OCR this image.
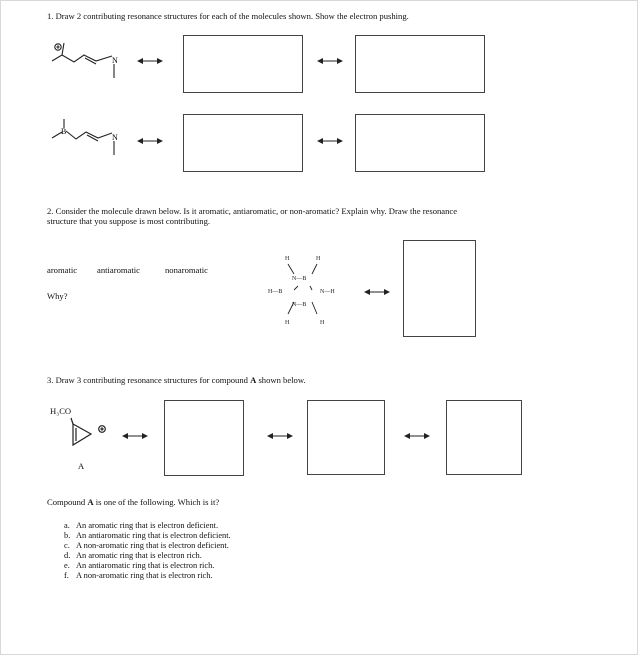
1. Draw 2 contributing resonance structures for each of the molecules shown. Show the electron pushing.
N
B
N
2. Consider the molecule drawn below. Is it aromatic, antiaromatic, or non-aromatic? Explain why. Draw the resonance
structure that you suppose is most contributing.
aromatic antiaromatic	nonaromatic
Why?
H	H
N—B
H—B	N—H
N—B
H	H
3. Draw 3 contributing resonance structures for compound A shown below.
H₃CO
A
Compound A is one of the following. Which is it?
a. An aromatic ring that is electron deficient.
b. An antiaromatic ring that is electron deficient.
c. A non-aromatic ring that is electron deficient.
d. An aromatic ring that is electron rich.
e. An antiaromatic ring that is electron rich.
f. A non-aromatic ring that is electron rich.
